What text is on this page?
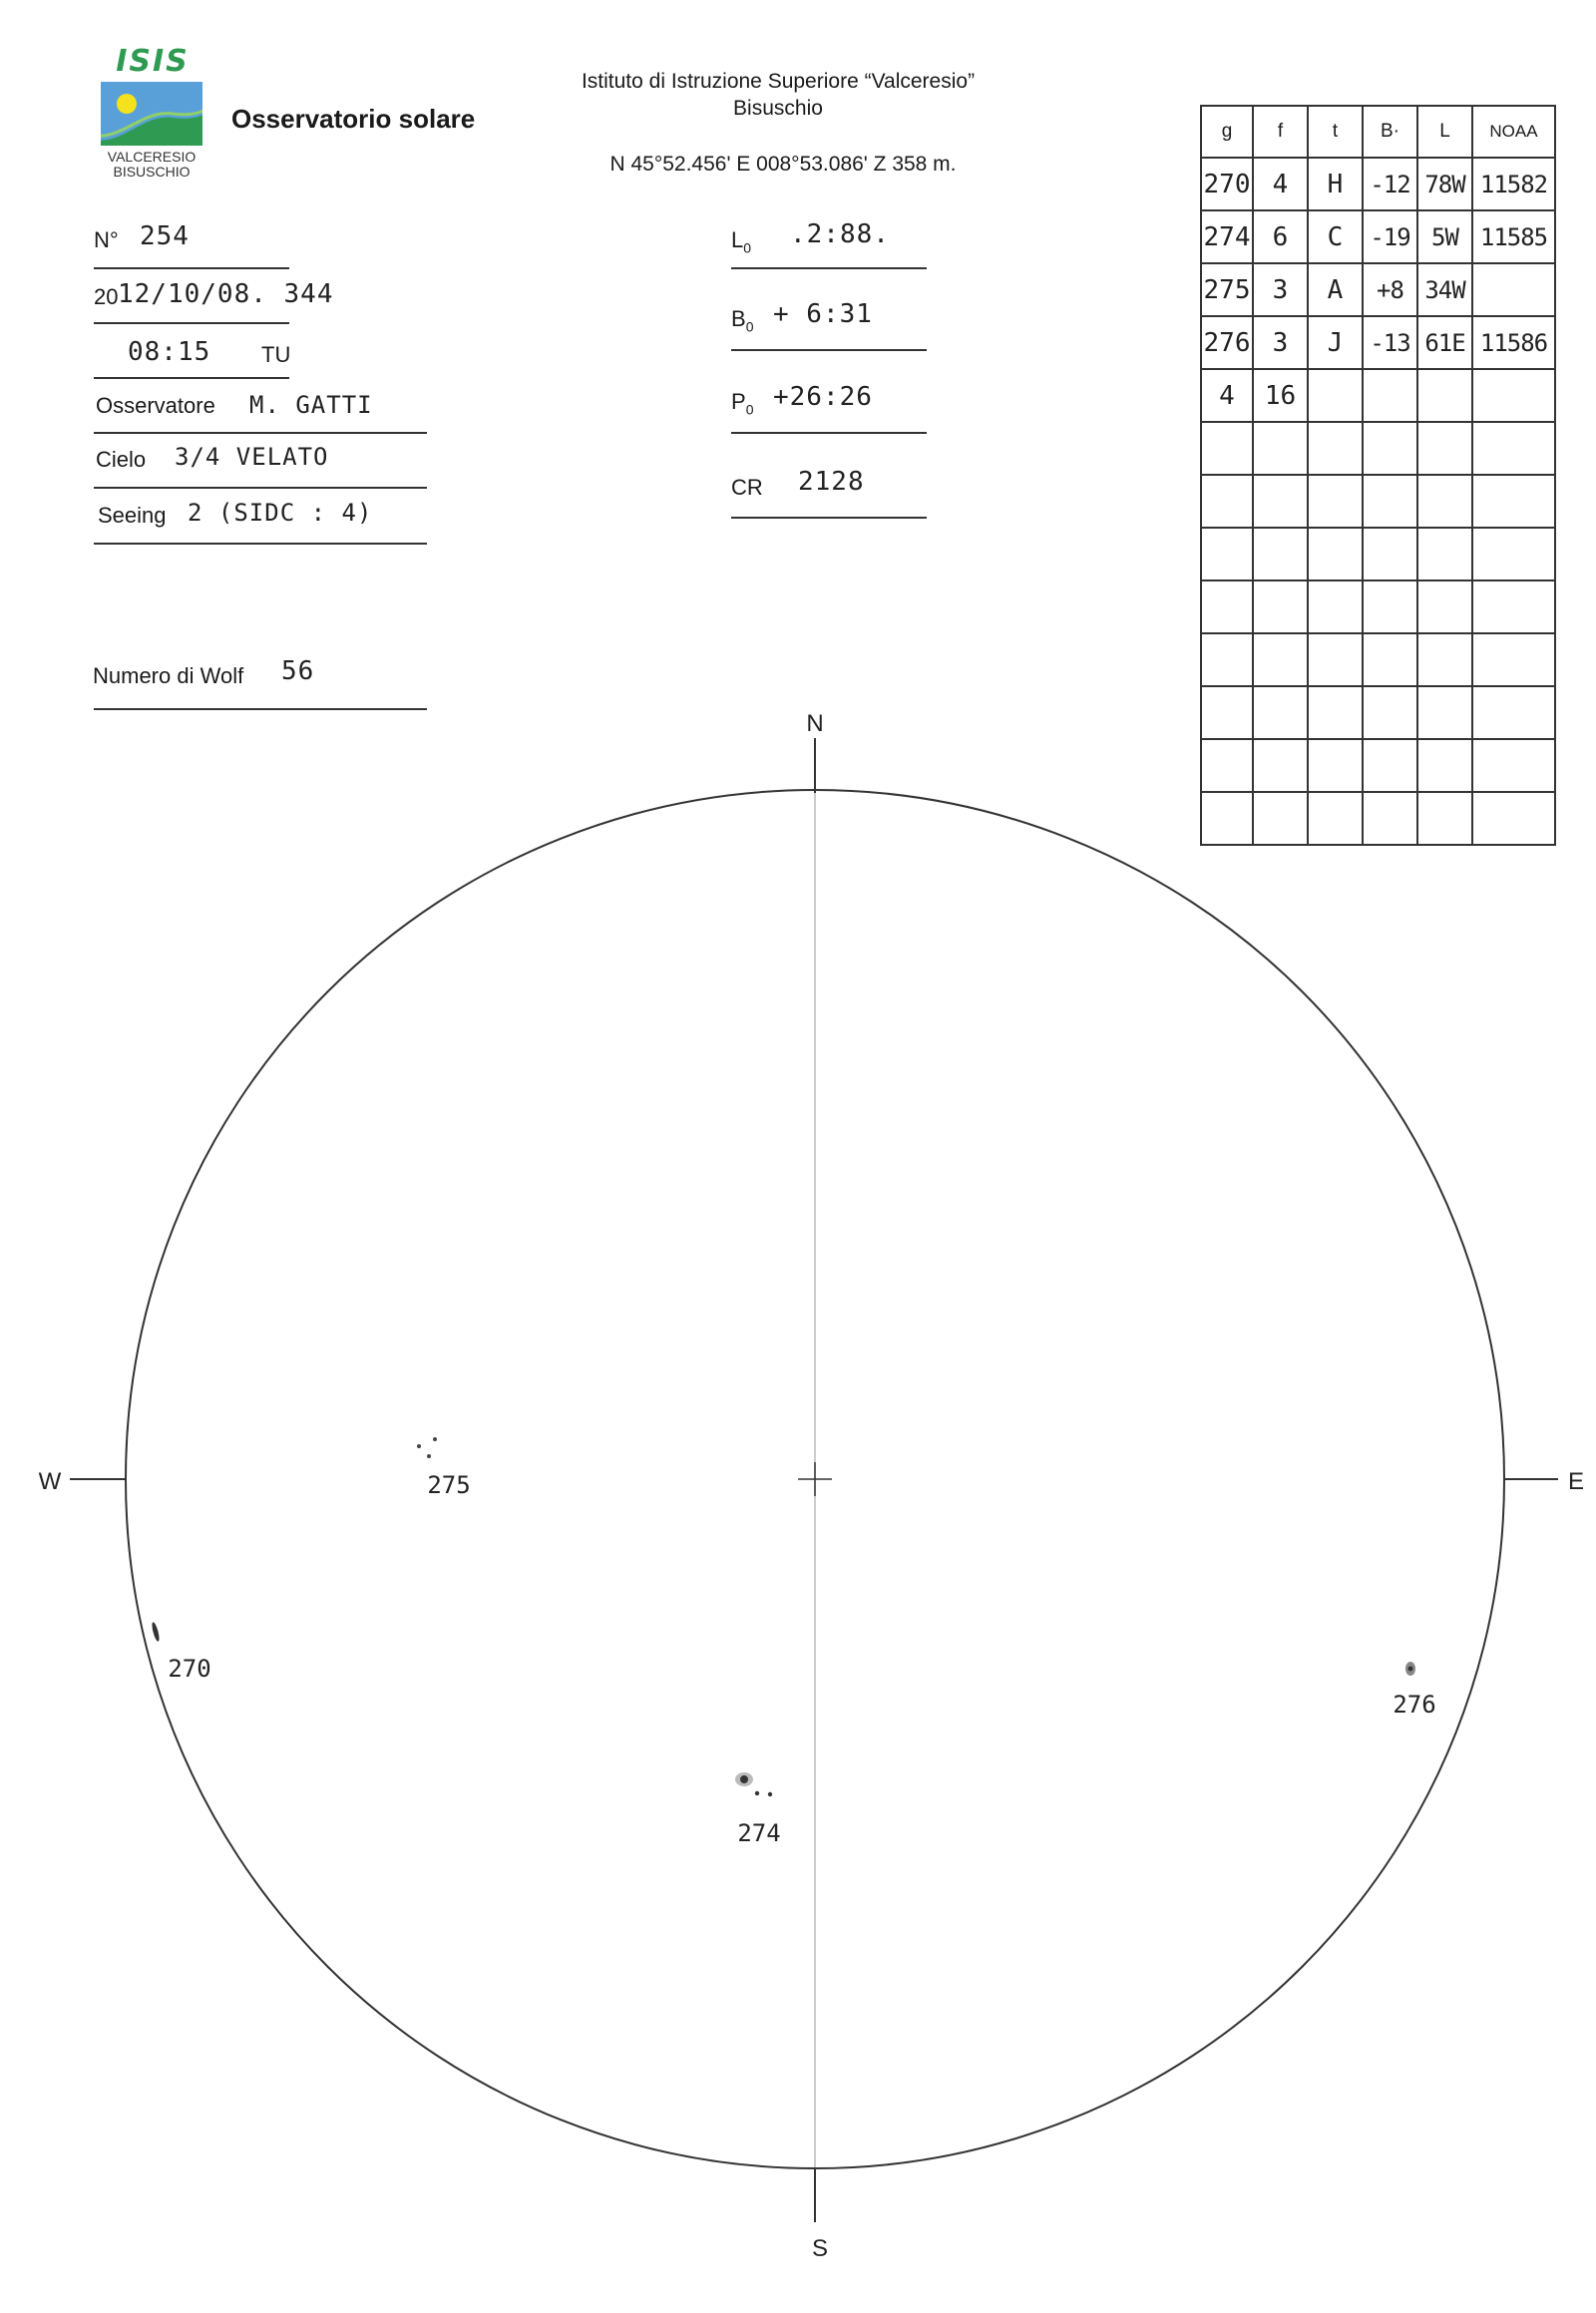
ISIS
VALCERESIO
BISUSCHIO
Osservatorio solare
Istituto di Istruzione Superiore “Valceresio”
Bisuschio
N 45°52.456' E 008°53.086' Z 358 m.
N° 254
20 12/10/08. 344
08:15 TU
Osservatore M. GATTI
Cielo 3/4 VELATO
Seeing 2 (SIDC : 4)
Numero di Wolf 56
$L_0$ .2:88.
$B_0$ + 6:31
$P_0$ +26:26
CR 2128
g	f	t	B·	L	NOAA
270	4	H	-12	78W	11582
274	6	C	-19	5W	11585
275	3	A	+8	34W	
276	3	J	-13	61E	11586
4	16				

N
S
W	E
275
270
274
276
